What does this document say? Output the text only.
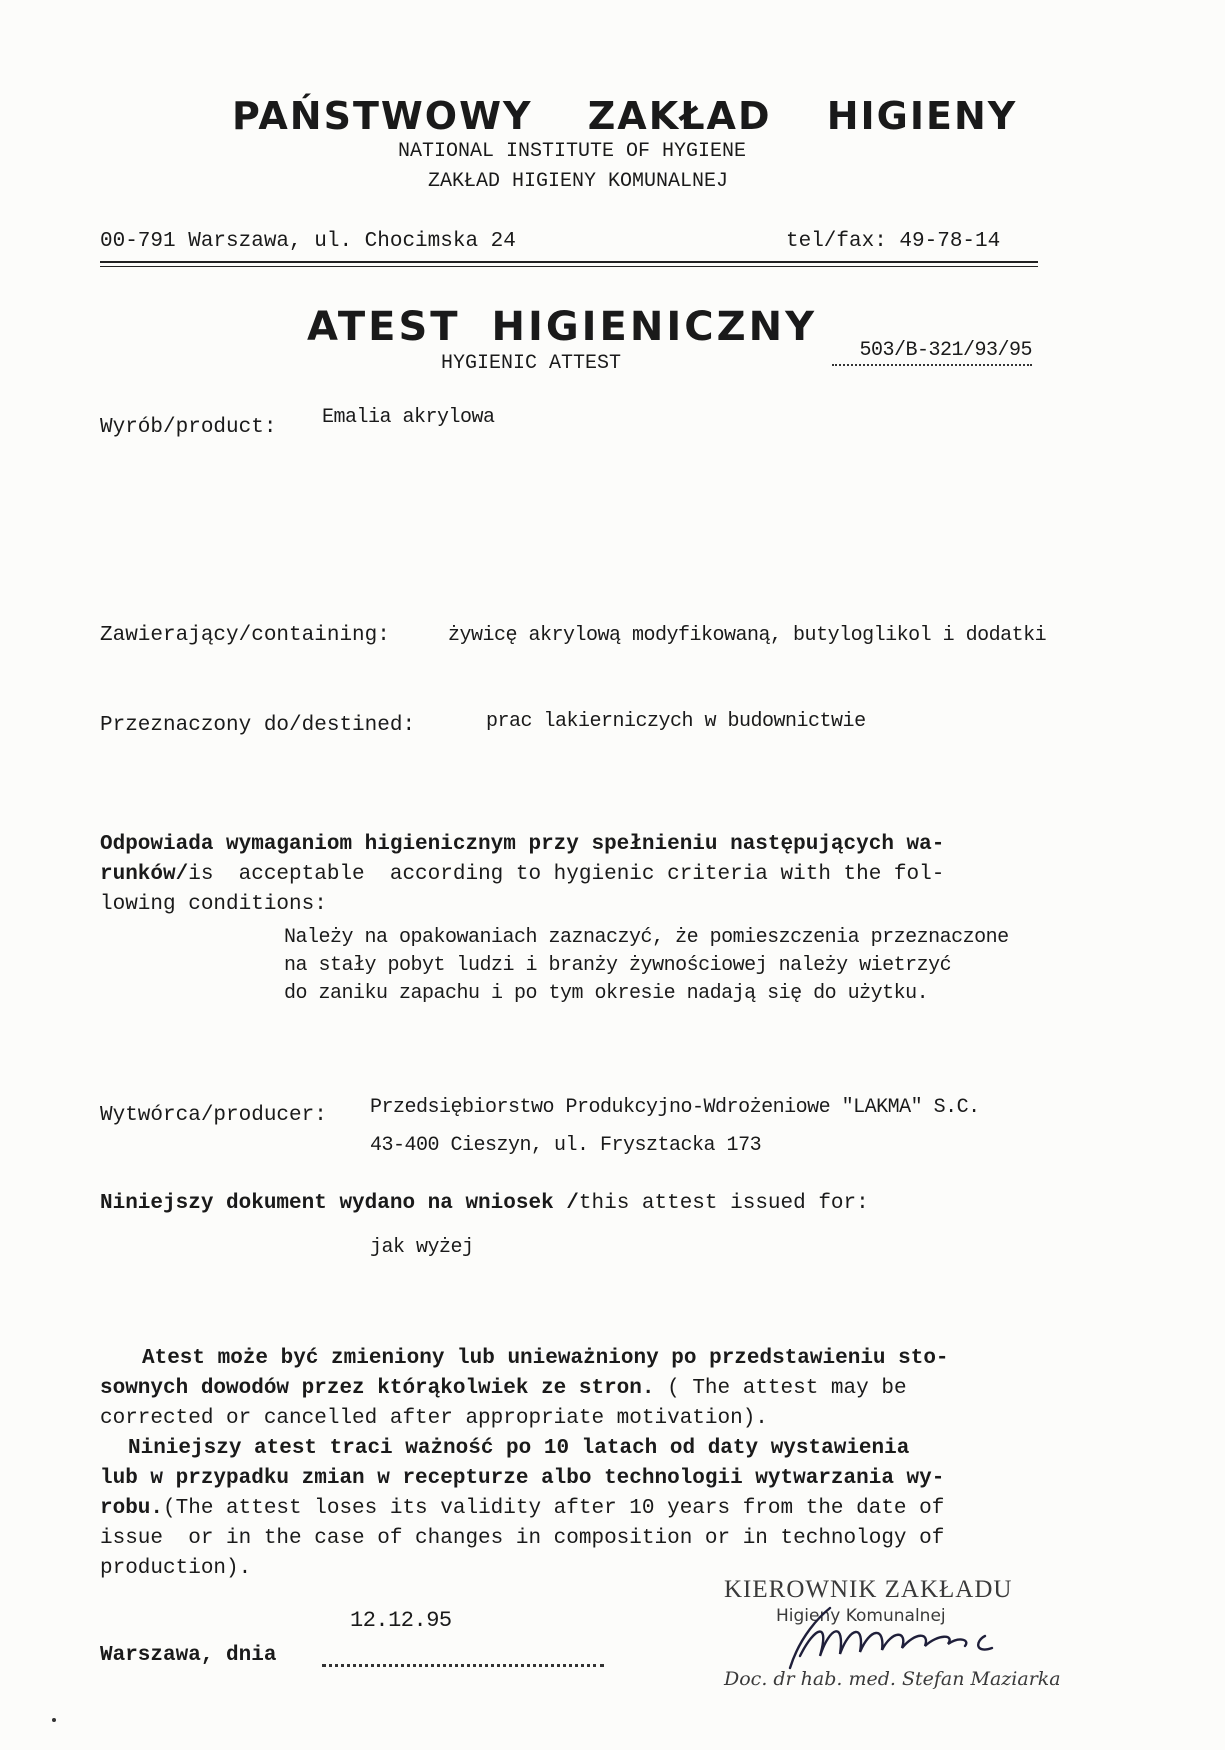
PAŃSTWOWY ZAKŁAD HIGIENY
NATIONAL INSTITUTE OF HYGIENE
ZAKŁAD HIGIENY KOMUNALNEJ
00-791 Warszawa, ul. Chocimska 24	tel/fax: 49-78-14
ATEST HIGIENICZNY
HYGIENIC ATTEST
503/B-321/93/95
Wyrób/product: Emalia akrylowa
Zawierający/containing:	żywicę akrylową modyfikowaną, butyloglikol i dodatki
Przeznaczony do/destined:	prac lakierniczych w budownictwie
Odpowiada wymaganiom higienicznym przy spełnieniu następujących wa-
runków/is  acceptable  according to hygienic criteria with the fol-
lowing conditions:
Należy na opakowaniach zaznaczyć, że pomieszczenia przeznaczone
na stały pobyt ludzi i branży żywnościowej należy wietrzyć
do zaniku zapachu i po tym okresie nadają się do użytku.
Wytwórca/producer: Przedsiębiorstwo Produkcyjno-Wdrożeniowe "LAKMA" S.C.
43-400 Cieszyn, ul. Frysztacka 173
Niniejszy dokument wydano na wniosek /this attest issued for:
jak wyżej
Atest może być zmieniony lub unieważniony po przedstawieniu sto-
sownych dowodów przez którąkolwiek ze stron. ( The attest may be
corrected or cancelled after appropriate motivation).
Niniejszy atest traci ważność po 10 latach od daty wystawienia
lub w przypadku zmian w recepturze albo technologii wytwarzania wy-
robu.(The attest loses its validity after 10 years from the date of
issue  or in the case of changes in composition or in technology of
production).
12.12.95
Warszawa, dnia
KIEROWNIK ZAKŁADU
Higieny Komunalnej
Doc. dr hab. med. Stefan Maziarka
